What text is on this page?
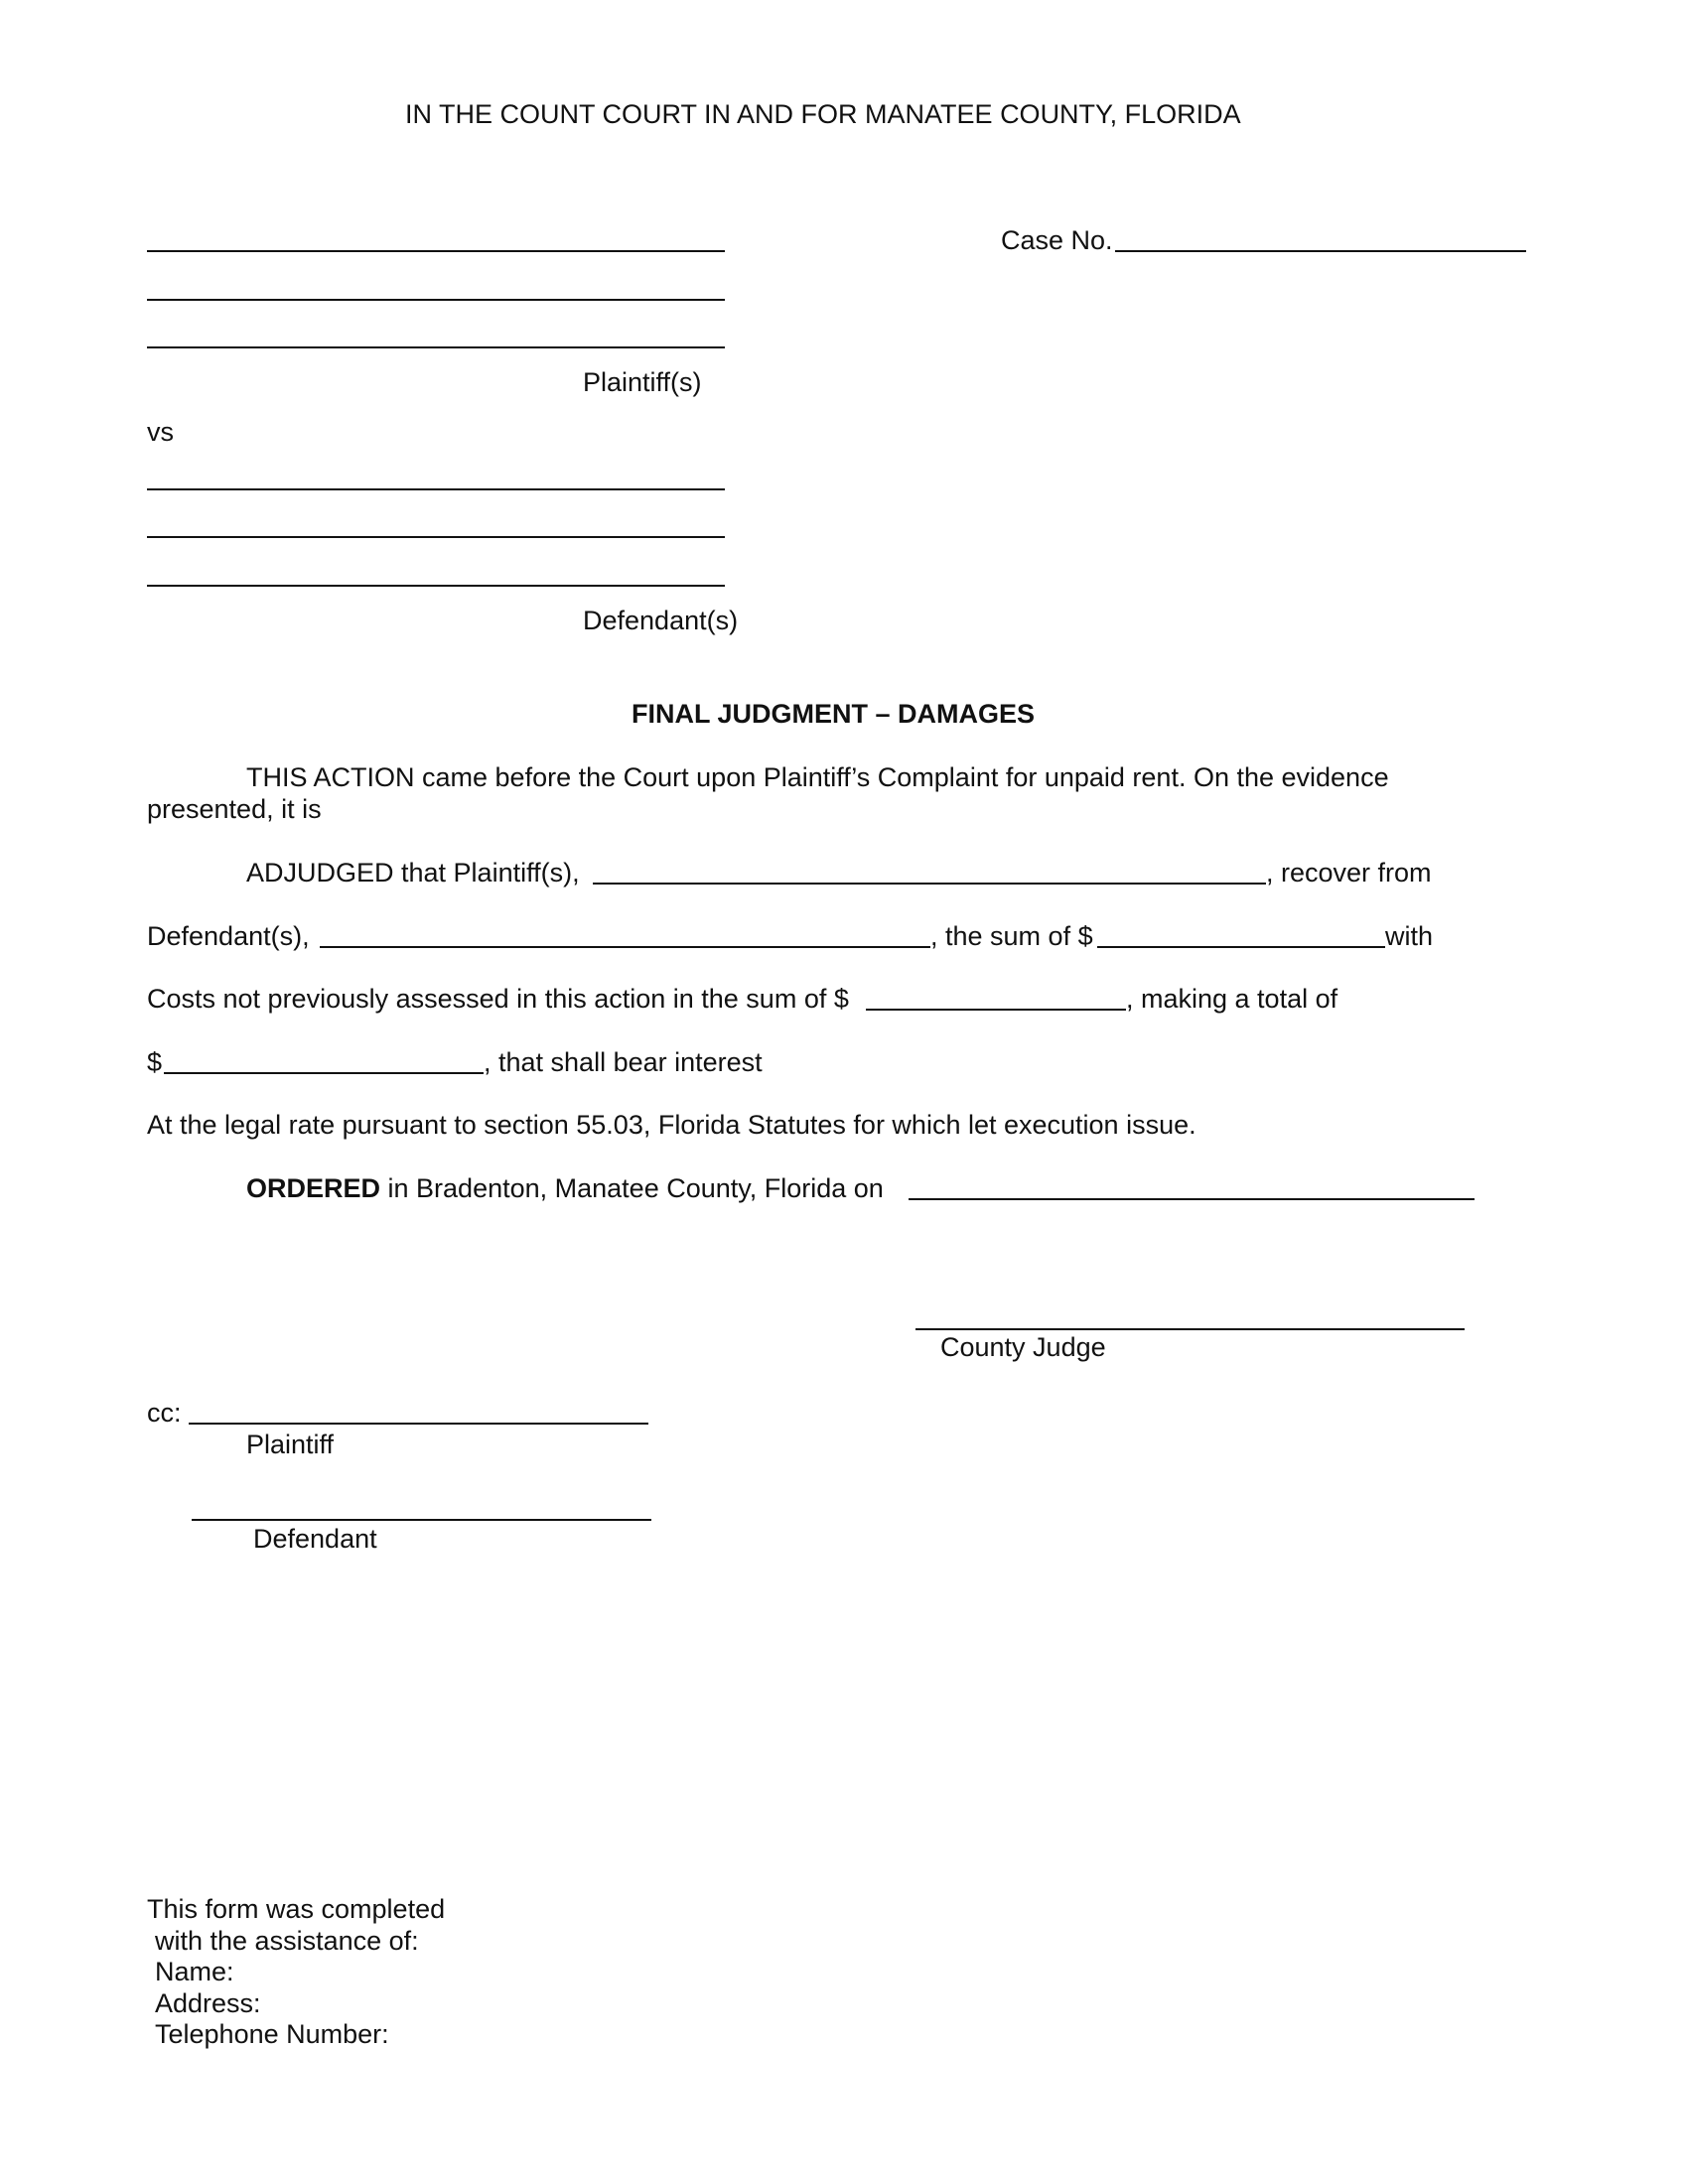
IN THE COUNT COURT IN AND FOR MANATEE COUNTY, FLORIDA
Plaintiff(s)
Case No.
vs
Defendant(s)
FINAL JUDGMENT – DAMAGES
THIS ACTION came before the Court upon Plaintiff’s Complaint for unpaid rent. On the evidence
presented, it is
ADJUDGED that Plaintiff(s),	, recover from
Defendant(s),	, the sum of $	with
Costs not previously assessed in this action in the sum of $	, making a total of
$	, that shall bear interest
At the legal rate pursuant to section 55.03, Florida Statutes for which let execution issue.
ORDERED in Bradenton, Manatee County, Florida on
County Judge
cc:
Plaintiff
Defendant
This form was completed
with the assistance of:
Name:
Address:
Telephone Number:
